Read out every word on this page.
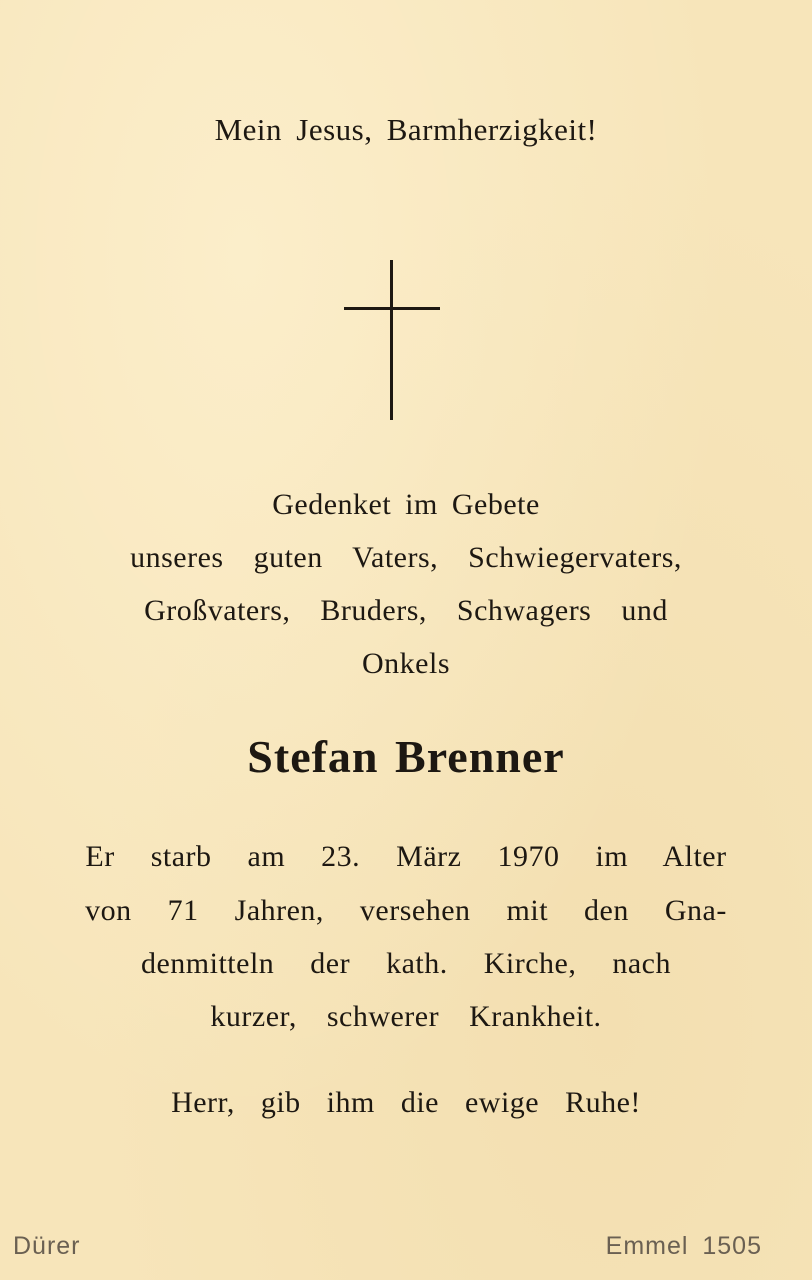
Mein Jesus, Barmherzigkeit!
Gedenket im Gebete
unseres guten Vaters, Schwiegervaters,
Großvaters, Bruders, Schwagers und
Onkels
Stefan Brenner
Er starb am 23. März 1970 im Alter
von 71 Jahren, versehen mit den Gna-
denmitteln der kath. Kirche, nach
kurzer, schwerer Krankheit.
Herr, gib ihm die ewige Ruhe!
Dürer	Emmel 1505
